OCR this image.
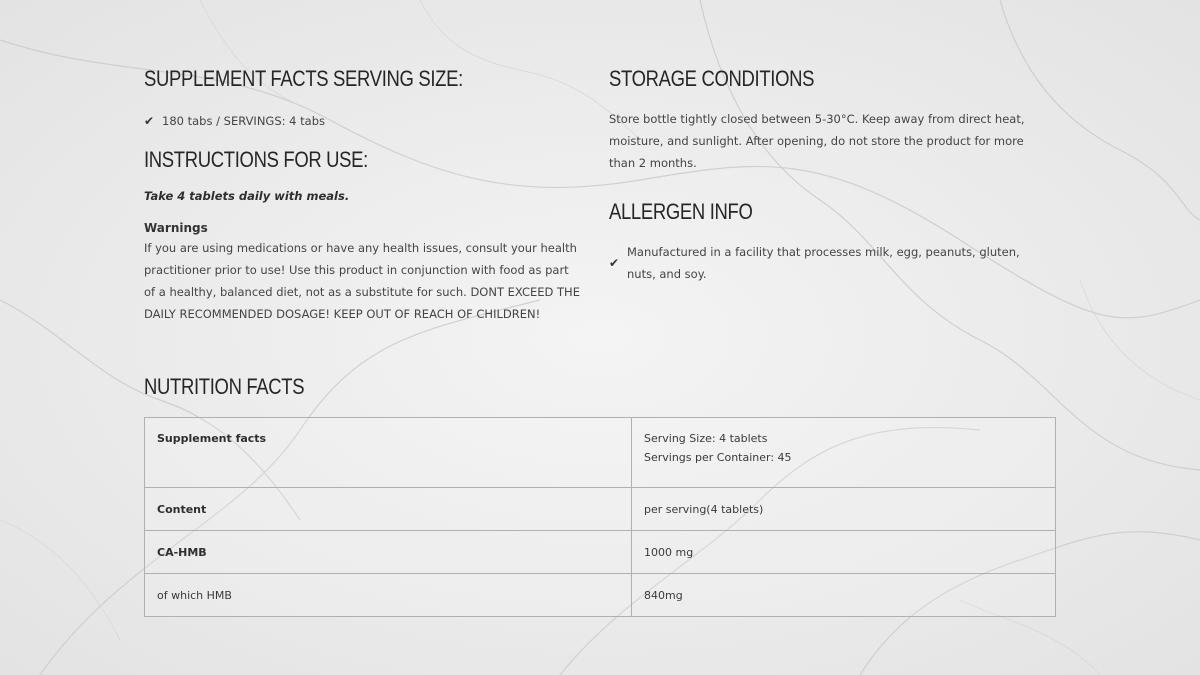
SUPPLEMENT FACTS SERVING SIZE:
✔ 180 tabs / SERVINGS: 4 tabs
INSTRUCTIONS FOR USE:

Take 4 tablets daily with meals.

Warnings

If you are using medications or have any health issues, consult your health

practitioner prior to use! Use this product in conjunction with food as part

of a healthy, balanced diet, not as a substitute for such. DONT EXCEED THE

DAILY RECOMMENDED DOSAGE! KEEP OUT OF REACH OF CHILDREN!

STORAGE CONDITIONS

Store bottle tightly closed between 5-30°C. Keep away from direct heat,

moisture, and sunlight. After opening, do not store the product for more

than 2 months.

ALLERGEN INFO
✔
Manufactured in a facility that processes milk, egg, peanuts, gluten,
nuts, and soy.
NUTRITION FACTS
Supplement facts	Serving Size: 4 tablets
Servings per Container: 45

Content	per serving(4 tablets)
CA-HMB	1000 mg
of which HMB	840mg
